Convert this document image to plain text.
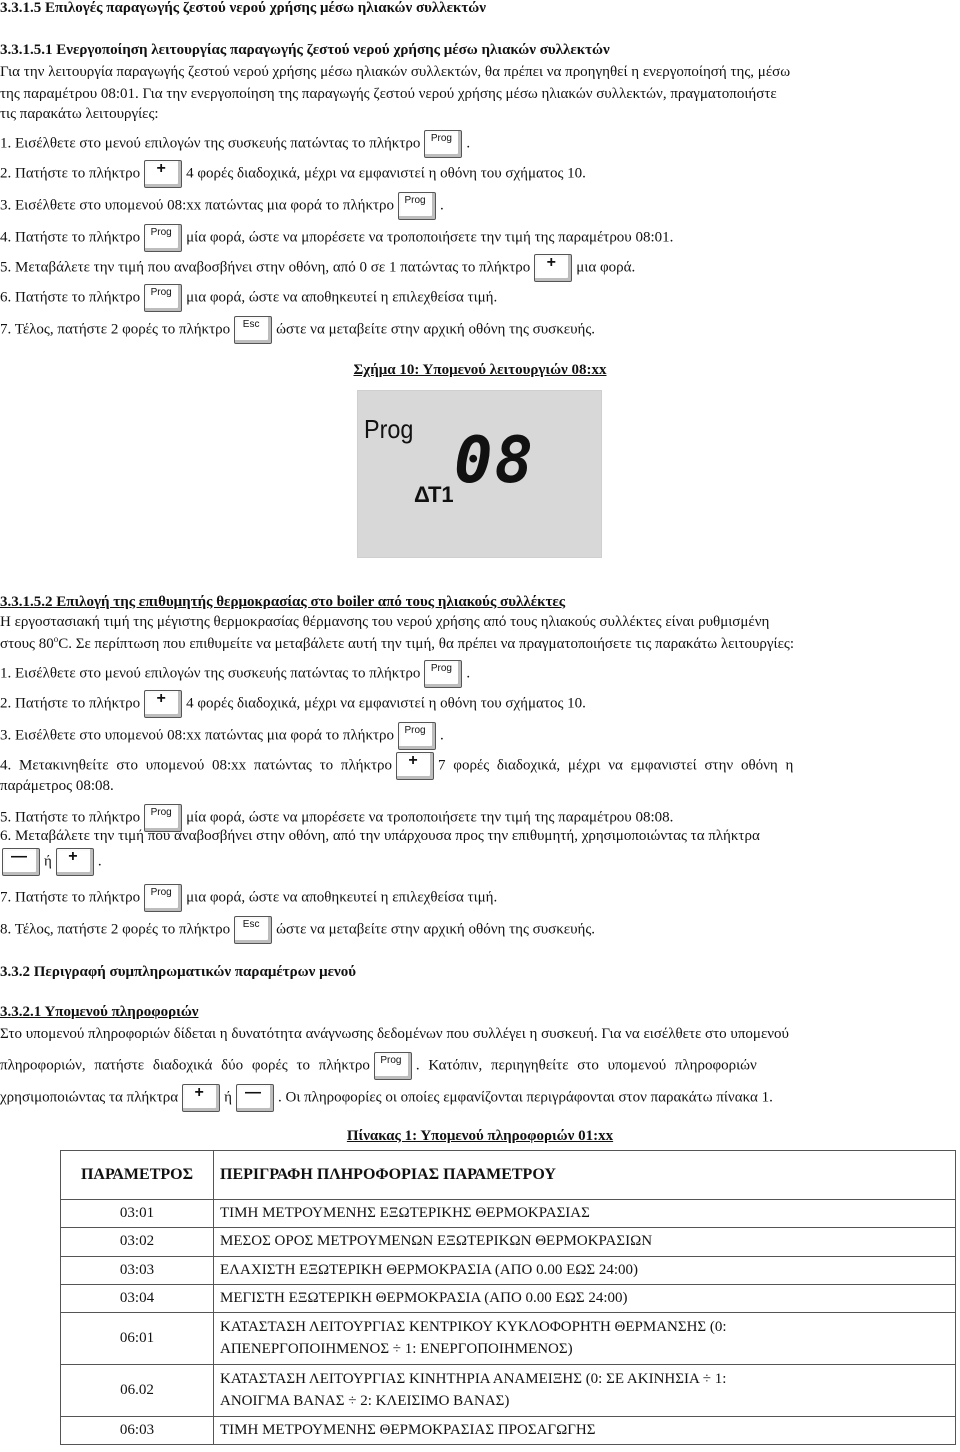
3.3.1.5 Επιλογές παραγωγής ζεστού νερού χρήσης μέσω ηλιακών συλλεκτών
3.3.1.5.1 Ενεργοποίηση λειτουργίας παραγωγής ζεστού νερού χρήσης μέσω ηλιακών συλλεκτών
Για την λειτουργία παραγωγής ζεστού νερού χρήσης μέσω ηλιακών συλλεκτών, θα πρέπει να προηγηθεί η ενεργοποίησή της, μέσω
της παραμέτρου 08:01. Για την ενεργοποίηση της παραγωγής ζεστού νερού χρήσης μέσω ηλιακών συλλεκτών, πραγματοποιήστε
τις παρακάτω λειτουργίες:
1. Εισέλθετε στο μενού επιλογών της συσκευής πατώντας το πλήκτρο	Prog .
2. Πατήστε το πλήκτρο	+	4 φορές διαδοχικά, μέχρι να εμφανιστεί η οθόνη του σχήματος 10.
3. Εισέλθετε στο υπομενού 08:xx πατώντας μια φορά το πλήκτρο	Prog .
4. Πατήστε το πλήκτρο	Prog μία φορά, ώστε να μπορέσετε να τροποποιήσετε την τιμή της παραμέτρου 08:01.
5. Μεταβάλετε την τιμή που αναβοσβήνει στην οθόνη, από 0 σε 1 πατώντας το πλήκτρο	+	μια φορά.
6. Πατήστε το πλήκτρο	Prog μια φορά, ώστε να αποθηκευτεί η επιλεχθείσα τιμή.
7. Τέλος, πατήστε 2 φορές το πλήκτρο	Esc	ώστε να μεταβείτε στην αρχική οθόνη της συσκευής.
Σχήμα 10: Υπομενού λειτουργιών 08:xx
Prog 08
ΔΤ1
3.3.1.5.2 Επιλογή της επιθυμητής θερμοκρασίας στο boiler από τους ηλιακούς συλλέκτες
Η εργοστασιακή τιμή της μέγιστης θερμοκρασίας θέρμανσης του νερού χρήσης από τους ηλιακούς συλλέκτες είναι ρυθμισμένη
στους 80$^o$C. Σε περίπτωση που επιθυμείτε να μεταβάλετε αυτή την τιμή, θα πρέπει να πραγματοποιήσετε τις παρακάτω λειτουργίες:
1. Εισέλθετε στο μενού επιλογών της συσκευής πατώντας το πλήκτρο	Prog .
2. Πατήστε το πλήκτρο	+	4 φορές διαδοχικά, μέχρι να εμφανιστεί η οθόνη του σχήματος 10.
3. Εισέλθετε στο υπομενού 08:xx πατώντας μια φορά το πλήκτρο	Prog .
4. Μετακινηθείτε στο υπομενού 08:xx πατώντας το πλήκτρο	+	7 φορές διαδοχικά, μέχρι να εμφανιστεί στην οθόνη η
παράμετρος 08:08.
5. Πατήστε το πλήκτρο	Prog μία φορά, ώστε να μπορέσετε να τροποποιήσετε την τιμή της παραμέτρου 08:08.
6. Μεταβάλετε την τιμή που αναβοσβήνει στην οθόνη, από την υπάρχουσα προς την επιθυμητή, χρησιμοποιώντας τα πλήκτρα
—	ή	+	.
7. Πατήστε το πλήκτρο	Prog μια φορά, ώστε να αποθηκευτεί η επιλεχθείσα τιμή.
8. Τέλος, πατήστε 2 φορές το πλήκτρο	Esc	ώστε να μεταβείτε στην αρχική οθόνη της συσκευής.
3.3.2 Περιγραφή συμπληρωματικών παραμέτρων μενού
3.3.2.1 Υπομενού πληροφοριών
Στο υπομενού πληροφοριών δίδεται η δυνατότητα ανάγνωσης δεδομένων που συλλέγει η συσκευή. Για να εισέλθετε στο υπομενού
πληροφοριών, πατήστε διαδοχικά δύο φορές το πλήκτρο	Prog . Κατόπιν, περιηγηθείτε στο υπομενού πληροφοριών
χρησιμοποιώντας τα πλήκτρα	+	ή —	. Οι πληροφορίες οι οποίες εμφανίζονται περιγράφονται στον παρακάτω πίνακα 1.
Πίνακας 1: Υπομενού πληροφοριών 01:xx
ΠΑΡΑΜΕΤΡΟΣ	ΠΕΡΙΓΡΑΦΗ ΠΛΗΡΟΦΟΡΙΑΣ ΠΑΡΑΜΕΤΡΟΥ
03:01	ΤΙΜΗ ΜΕΤΡΟΥΜΕΝΗΣ ΕΞΩΤΕΡΙΚΗΣ ΘΕΡΜΟΚΡΑΣΙΑΣ
03:02	ΜΕΣΟΣ ΟΡΟΣ ΜΕΤΡΟΥΜΕΝΩΝ ΕΞΩΤΕΡΙΚΩΝ ΘΕΡΜΟΚΡΑΣΙΩΝ
03:03	ΕΛΑΧΙΣΤΗ ΕΞΩΤΕΡΙΚΗ ΘΕΡΜΟΚΡΑΣΙΑ (ΑΠΟ 0.00 ΕΩΣ 24:00)
03:04	ΜΕΓΙΣΤΗ ΕΞΩΤΕΡΙΚΗ ΘΕΡΜΟΚΡΑΣΙΑ (ΑΠΟ 0.00 ΕΩΣ 24:00)
06:01	ΚΑΤΑΣΤΑΣΗ ΛΕΙΤΟΥΡΓΙΑΣ ΚΕΝΤΡΙΚΟΥ ΚΥΚΛΟΦΟΡΗΤΗ ΘΕΡΜΑΝΣΗΣ (0:
ΑΠΕΝΕΡΓΟΠΟΙΗΜΕΝΟΣ ÷ 1: ΕΝΕΡΓΟΠΟΙΗΜΕΝΟΣ)

06.02	ΚΑΤΑΣΤΑΣΗ ΛΕΙΤΟΥΡΓΙΑΣ ΚΙΝΗΤΗΡΙΑ ΑΝΑΜΕΙΞΗΣ (0: ΣΕ ΑΚΙΝΗΣΙΑ ÷ 1:
ΑΝΟΙΓΜΑ ΒΑΝΑΣ ÷ 2: ΚΛΕΙΣΙΜΟ ΒΑΝΑΣ)

06:03	ΤΙΜΗ ΜΕΤΡΟΥΜΕΝΗΣ ΘΕΡΜΟΚΡΑΣΙΑΣ ΠΡΟΣΑΓΩΓΗΣ
